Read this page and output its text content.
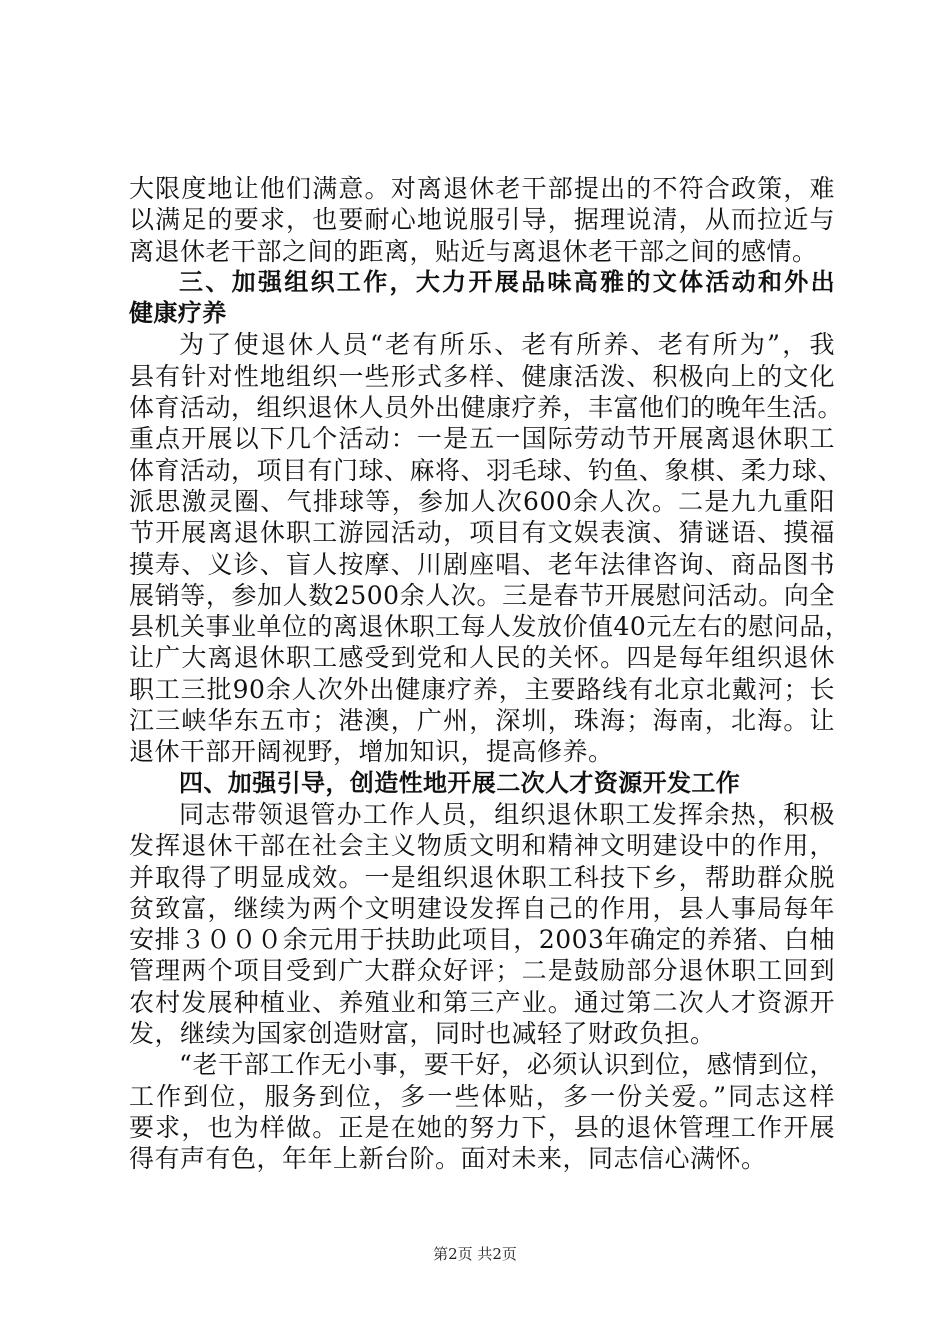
大限度地让他们满意。对离退休老干部提出的不符合政策，难
以满足的要求，也要耐心地说服引导，据理说清，从而拉近与
离退休老干部之间的距离，贴近与离退休老干部之间的感情。
三、加强组织工作，大力开展品味高雅的文体活动和外出
健康疗养
为了使退休人员“老有所乐、老有所养、老有所为”，我
县有针对性地组织一些形式多样、健康活泼、积极向上的文化
体育活动，组织退休人员外出健康疗养，丰富他们的晚年生活。
重点开展以下几个活动：一是五一国际劳动节开展离退休职工
体育活动，项目有门球、麻将、羽毛球、钓鱼、象棋、柔力球、
派思激灵圈、气排球等，参加人次600余人次。二是九九重阳
节开展离退休职工游园活动，项目有文娱表演、猜谜语、摸福
摸寿、义诊、盲人按摩、川剧座唱、老年法律咨询、商品图书
展销等，参加人数2500余人次。三是春节开展慰问活动。向全
县机关事业单位的离退休职工每人发放价值40元左右的慰问品，
让广大离退休职工感受到党和人民的关怀。四是每年组织退休
职工三批90余人次外出健康疗养，主要路线有北京北戴河；长
江三峡华东五市；港澳，广州，深圳，珠海；海南，北海。让
退休干部开阔视野，增加知识，提高修养。
四、加强引导，创造性地开展二次人才资源开发工作
同志带领退管办工作人员，组织退休职工发挥余热，积极
发挥退休干部在社会主义物质文明和精神文明建设中的作用，
并取得了明显成效。一是组织退休职工科技下乡，帮助群众脱
贫致富，继续为两个文明建设发挥自己的作用，县人事局每年
安排３０００余元用于扶助此项目，2003年确定的养猪、白柚
管理两个项目受到广大群众好评；二是鼓励部分退休职工回到
农村发展种植业、养殖业和第三产业。通过第二次人才资源开
发，继续为国家创造财富，同时也减轻了财政负担。
“老干部工作无小事，要干好，必须认识到位，感情到位，
工作到位，服务到位，多一些体贴，多一份关爱。”同志这样
要求，也为样做。正是在她的努力下，县的退休管理工作开展
得有声有色，年年上新台阶。面对未来，同志信心满怀。
第2页 共2页
